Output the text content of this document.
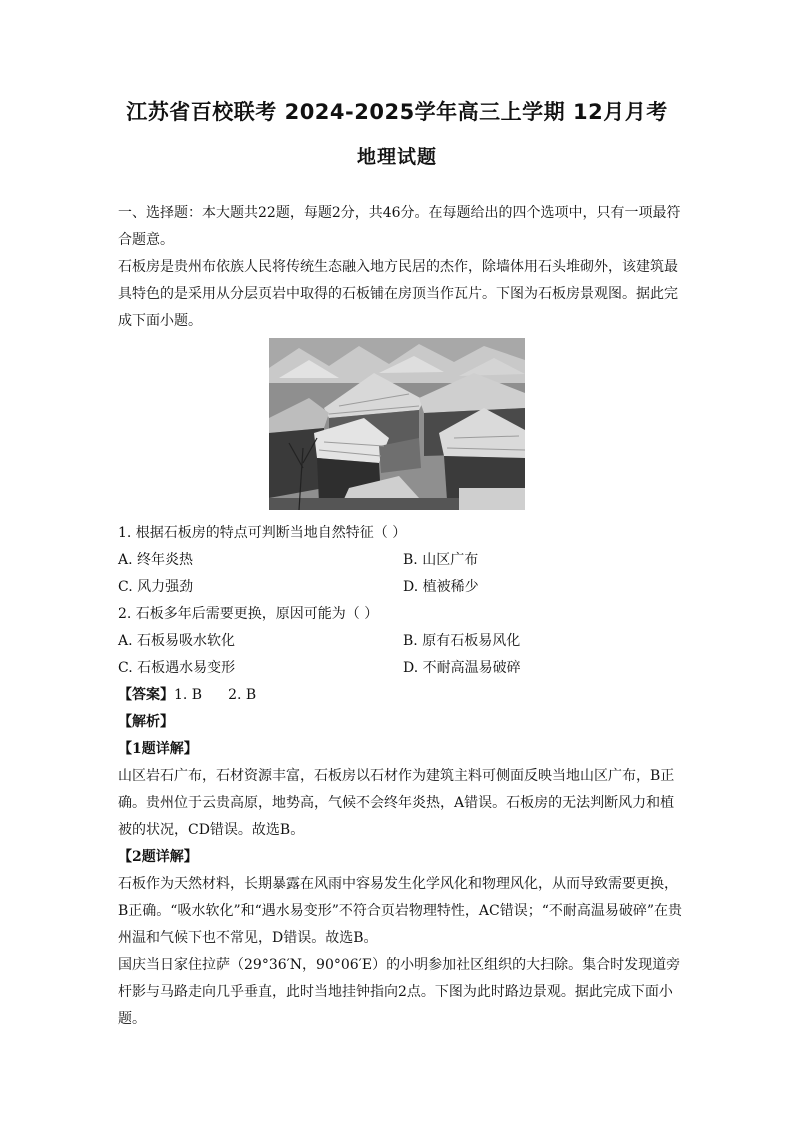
江苏省百校联考 2024-2025学年高三上学期 12月月考
地理试题

一、选择题：本大题共22题，每题2分，共46分。在每题给出的四个选项中，只有一项最符合题意。

石板房是贵州布依族人民将传统生态融入地方民居的杰作，除墙体用石头堆砌外，该建筑最具特色的是采用从分层页岩中取得的石板铺在房顶当作瓦片。下图为石板房景观图。据此完成下面小题。

1. 根据石板房的特点可判断当地自然特征（ ）

A. 终年炎热	B. 山区广布
C. 风力强劲	D. 植被稀少

2. 石板多年后需要更换，原因可能为（ ）

A. 石板易吸水软化	B. 原有石板易风化
C. 石板遇水易变形	D. 不耐高温易破碎

【答案】1. B 2. B

【解析】

【1题详解】

山区岩石广布，石材资源丰富，石板房以石材作为建筑主料可侧面反映当地山区广布，B正确。贵州位于云贵高原，地势高，气候不会终年炎热，A错误。石板房的无法判断风力和植被的状况，CD错误。故选B。

【2题详解】

石板作为天然材料，长期暴露在风雨中容易发生化学风化和物理风化，从而导致需要更换，B正确。“吸水软化”和“遇水易变形”不符合页岩物理特性，AC错误；“不耐高温易破碎”在贵州温和气候下也不常见，D错误。故选B。

国庆当日家住拉萨（29°36′N，90°06′E）的小明参加社区组织的大扫除。集合时发现道旁杆影与马路走向几乎垂直，此时当地挂钟指向2点。下图为此时路边景观。据此完成下面小题。
